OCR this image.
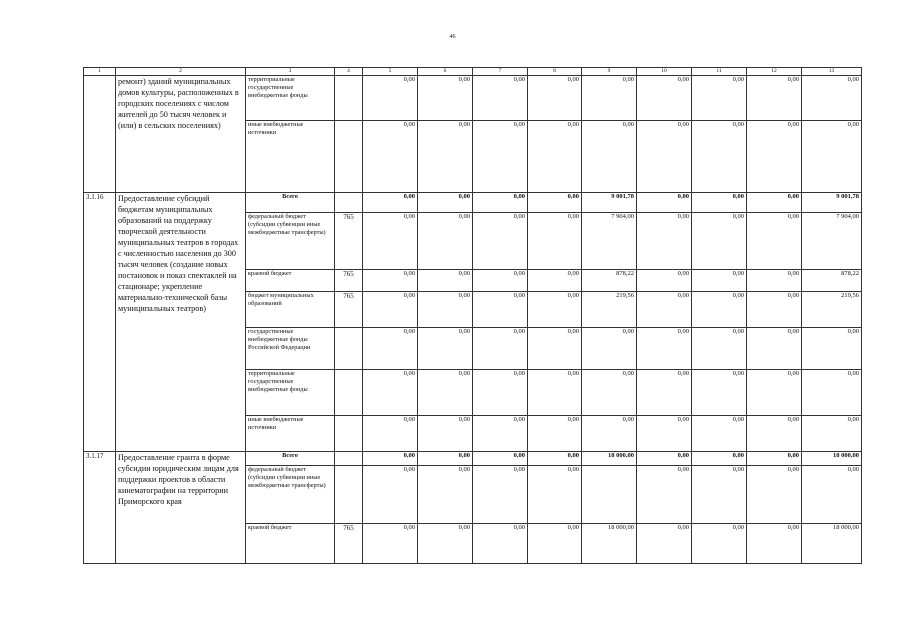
46
1	2	3	4	5	6	7	8	9	10	11	12	13
	ремонт) зданий муниципальных домов культуры, расположенных в городских поселениях с числом жителей до 50 тысяч человек и (или) в сельских поселениях)	территориальные государственные внебюджетные фонды		0,00	0,00	0,00	0,00	0,00	0,00	0,00	0,00	0,00
		иные внебюджетные источники		0,00	0,00	0,00	0,00	0,00	0,00	0,00	0,00	0,00
3.1.16	Предоставление субсидий бюджетам муниципальных образований на поддержку творческой деятельности муниципальных театров в городах с численностью населения до 300 тысяч человек (создание новых постановок и показ спектаклей на стационаре; укрепление материально-технической базы муниципальных театров)	Всего		0,00	0,00	0,00	0,00	9 001,78	0,00	0,00	0,00	9 001,78
		федеральный бюджет (субсидии субвенции иные межбюджетные трансферты)	765	0,00	0,00	0,00	0,00	7 904,00	0,00	0,00	0,00	7 904,00
		краевой бюджет	765	0,00	0,00	0,00	0,00	878,22	0,00	0,00	0,00	878,22
		бюджет муниципальных образований	765	0,00	0,00	0,00	0,00	219,56	0,00	0,00	0,00	219,56
		государственные внебюджетные фонды Российской Федерации		0,00	0,00	0,00	0,00	0,00	0,00	0,00	0,00	0,00
		территориальные государственные внебюджетные фонды		0,00	0,00	0,00	0,00	0,00	0,00	0,00	0,00	0,00
		иные внебюджетные источники		0,00	0,00	0,00	0,00	0,00	0,00	0,00	0,00	0,00
3.1.17	Предоставление гранта в форме субсидии юридическим лицам для поддержки проектов в области кинематографии на территории Приморского края	Всего		0,00	0,00	0,00	0,00	18 000,00	0,00	0,00	0,00	18 000,00
		федеральный бюджет (субсидии субвенции иные межбюджетные трансферты)		0,00	0,00	0,00	0,00		0,00	0,00	0,00	0,00
		краевой бюджет	765	0,00	0,00	0,00	0,00	18 000,00	0,00	0,00	0,00	18 000,00
